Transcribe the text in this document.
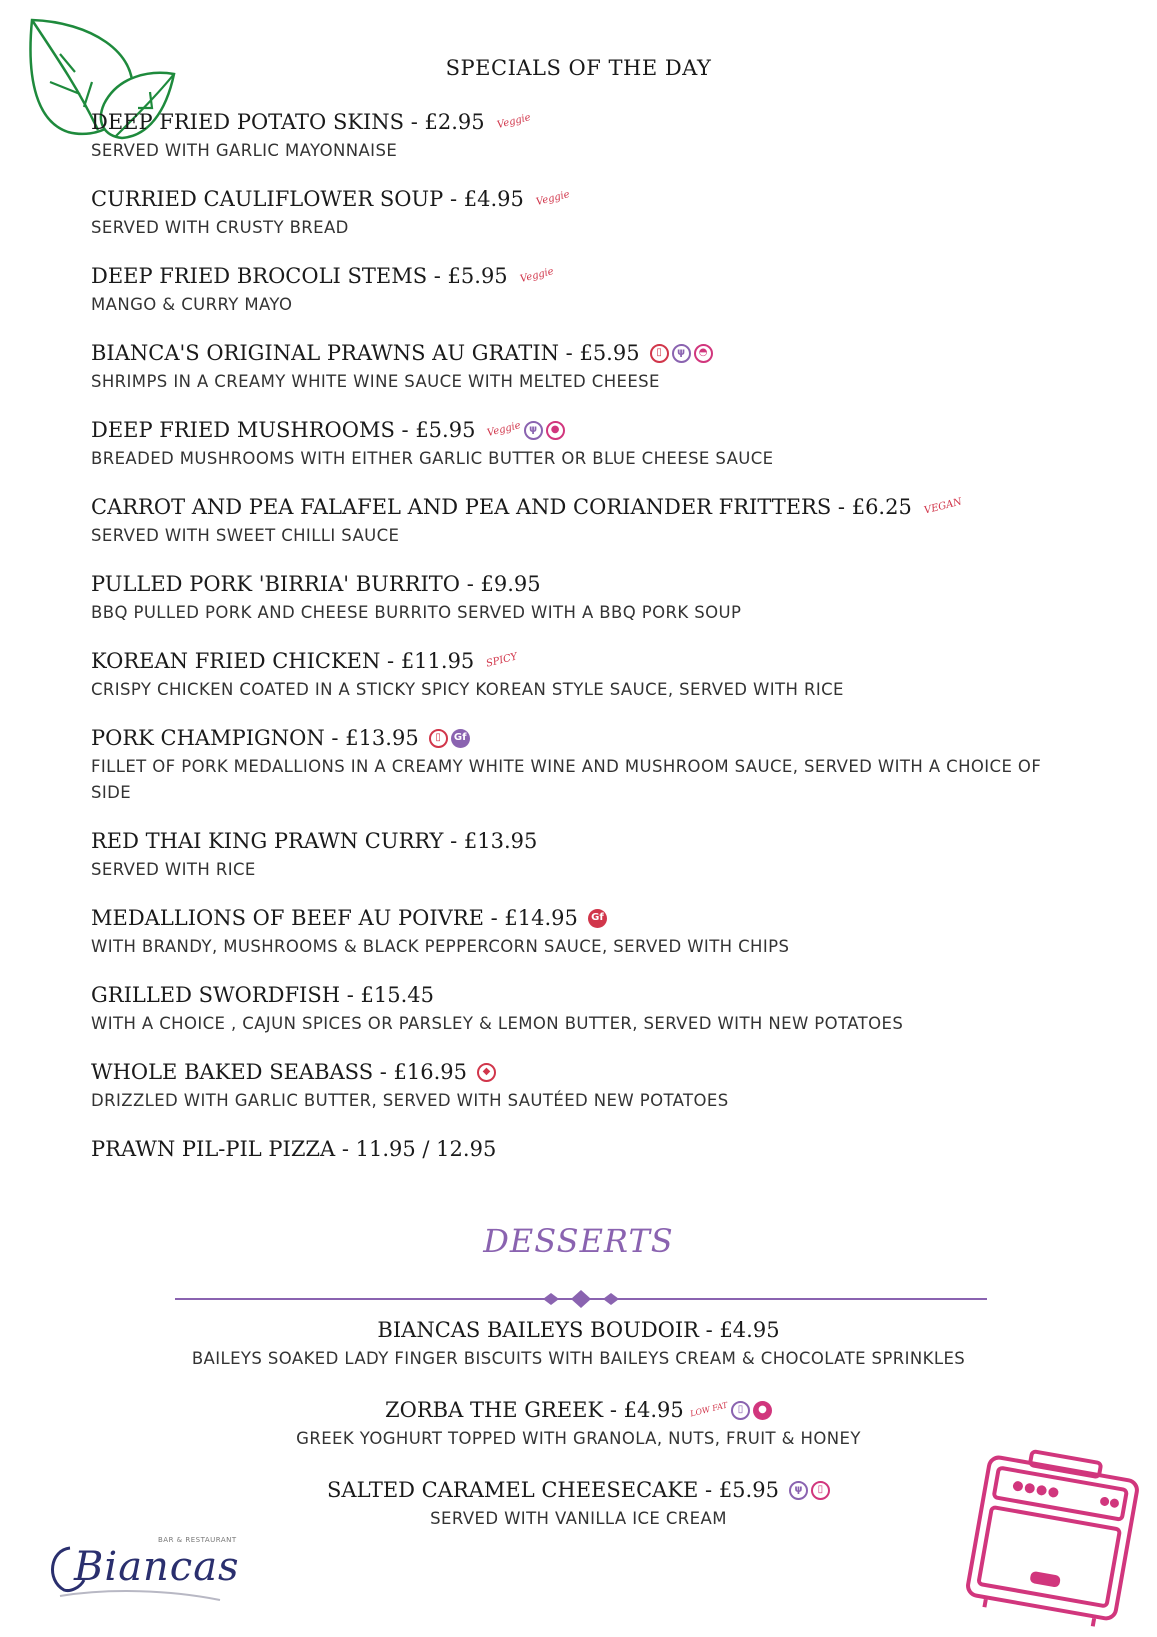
SPECIALS OF THE DAY
DEEP FRIED POTATO SKINS - £2.95 Veggie
SERVED WITH GARLIC MAYONNAISE
CURRIED CAULIFLOWER SOUP - £4.95 Veggie
SERVED WITH CRUSTY BREAD
DEEP FRIED BROCOLI STEMS - £5.95 Veggie
MANGO & CURRY MAYO
BIANCA'S ORIGINAL PRAWNS AU GRATIN - £5.95	▯	ψ	◓
SHRIMPS IN A CREAMY WHITE WINE SAUCE WITH MELTED CHEESE
DEEP FRIED MUSHROOMS - £5.95 Veggie ψ	●
BREADED MUSHROOMS WITH EITHER GARLIC BUTTER OR BLUE CHEESE SAUCE
CARROT AND PEA FALAFEL AND PEA AND CORIANDER FRITTERS - £6.25 VEGAN
SERVED WITH SWEET CHILLI SAUCE
PULLED PORK 'BIRRIA' BURRITO - £9.95
BBQ PULLED PORK AND CHEESE BURRITO SERVED WITH A BBQ PORK SOUP
KOREAN FRIED CHICKEN - £11.95 SPICY
CRISPY CHICKEN COATED IN A STICKY SPICY KOREAN STYLE SAUCE, SERVED WITH RICE
PORK CHAMPIGNON - £13.95	▯	Gf
FILLET OF PORK MEDALLIONS IN A CREAMY WHITE WINE AND MUSHROOM SAUCE, SERVED WITH A CHOICE OF SIDE
RED THAI KING PRAWN CURRY - £13.95
SERVED WITH RICE
MEDALLIONS OF BEEF AU POIVRE - £14.95	Gf
WITH BRANDY, MUSHROOMS & BLACK PEPPERCORN SAUCE, SERVED WITH CHIPS
GRILLED SWORDFISH - £15.45
WITH A CHOICE , CAJUN SPICES OR PARSLEY & LEMON BUTTER, SERVED WITH NEW POTATOES
WHOLE BAKED SEABASS - £16.95	◆
DRIZZLED WITH GARLIC BUTTER, SERVED WITH SAUTÉED NEW POTATOES
PRAWN PIL-PIL PIZZA - 11.95 / 12.95
DESSERTS
BIANCAS BAILEYS BOUDOIR - £4.95
BAILEYS SOAKED LADY FINGER BISCUITS WITH BAILEYS CREAM & CHOCOLATE SPRINKLES
ZORBA THE GREEK - £4.95 LOW FAT ▯	●
GREEK YOGHURT TOPPED WITH GRANOLA, NUTS, FRUIT & HONEY
SALTED CARAMEL CHEESECAKE - £5.95	ψ	▯
SERVED WITH VANILLA ICE CREAM
BAR & RESTAURANT
Biancas
